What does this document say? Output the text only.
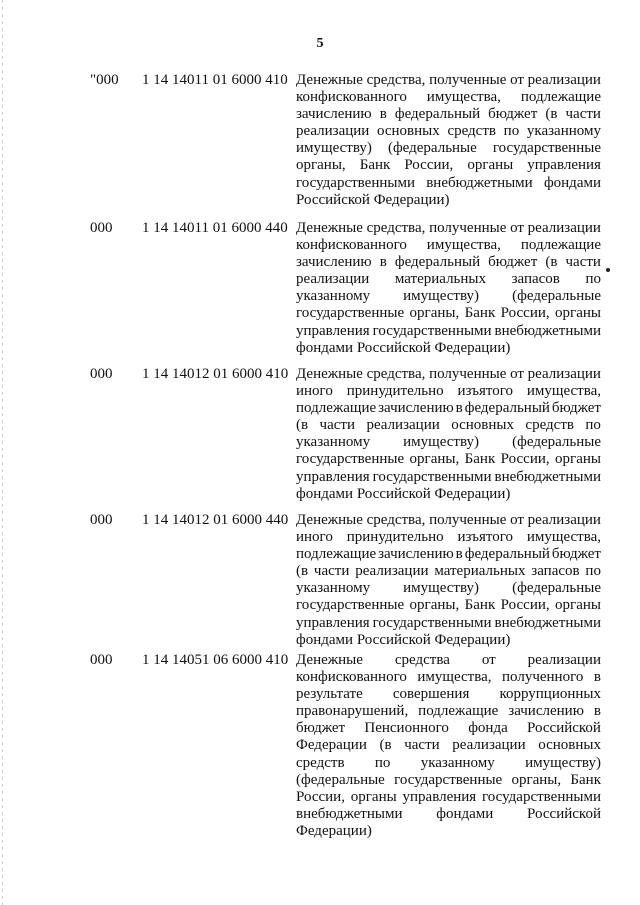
5
"000 1 14 14011 01 6000 410 Денежные средства, полученные от реализации
конфискованного имущества, подлежащие
зачислению в федеральный бюджет (в части
реализации основных средств по указанному
имуществу) (федеральные государственные
органы, Банк России, органы управления
государственными внебюджетными фондами
Российской
Федерации)
000 1 14 14011 01 6000 440 Денежные средства, полученные от реализации
конфискованного имущества, подлежащие
зачислению в федеральный бюджет (в части
реализации материальных запасов по
указанному имуществу) (федеральные
государственные органы, Банк России, органы
управления государственными внебюджетными
фондами
Российской
Федерации)
000 1 14 14012 01 6000 410 Денежные средства, полученные от реализации
иного принудительно изъятого имущества,
подлежащие зачислению в федеральный бюджет
(в части реализации основных средств по
указанному имуществу) (федеральные
государственные органы, Банк России, органы
управления государственными внебюджетными
фондами
Российской
Федерации)
000 1 14 14012 01 6000 440 Денежные средства, полученные от реализации
иного принудительно изъятого имущества,
подлежащие зачислению в федеральный бюджет
(в части реализации материальных запасов по
указанному имуществу) (федеральные
государственные органы, Банк России, органы
управления государственными внебюджетными
фондами
Российской
Федерации)
000 1 14 14051 06 6000 410 Денежные средства от реализации
конфискованного имущества, полученного в
результате совершения коррупционных
правонарушений, подлежащие зачислению в
бюджет Пенсионного фонда Российской
Федерации (в части реализации основных
средств по указанному имуществу)
(федеральные государственные органы, Банк
России, органы управления государственными
внебюджетными фондами Российской
Федерации)
